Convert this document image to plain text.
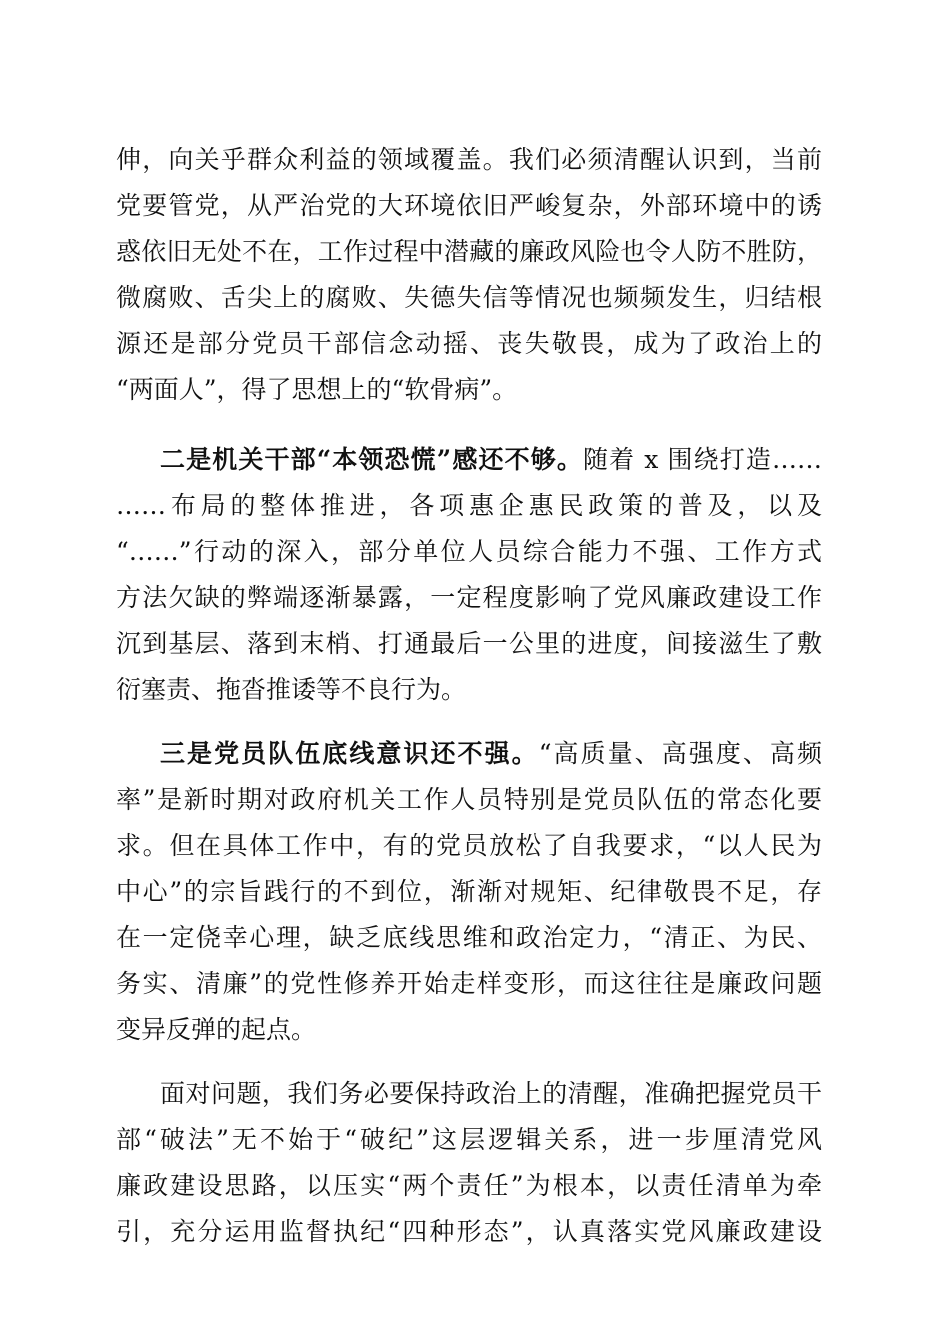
伸，向关乎群众利益的领域覆盖。我们必须清醒认识到，当前
党要管党，从严治党的大环境依旧严峻复杂，外部环境中的诱
惑依旧无处不在，工作过程中潜藏的廉政风险也令人防不胜防，
微腐败、舌尖上的腐败、失德失信等情况也频频发生，归结根
源还是部分党员干部信念动摇、丧失敬畏，成为了政治上的
“两面人”，得了思想上的“软骨病”。
二是机关干部“本领恐慌”感还不够。随着 x 围绕打造……
……布局的整体推进，各项惠企惠民政策的普及，以及
“……”行动的深入，部分单位人员综合能力不强、工作方式
方法欠缺的弊端逐渐暴露，一定程度影响了党风廉政建设工作
沉到基层、落到末梢、打通最后一公里的进度，间接滋生了敷
衍塞责、拖沓推诿等不良行为。
三是党员队伍底线意识还不强。“高质量、高强度、高频
率”是新时期对政府机关工作人员特别是党员队伍的常态化要
求。但在具体工作中，有的党员放松了自我要求，“以人民为
中心”的宗旨践行的不到位，渐渐对规矩、纪律敬畏不足，存
在一定侥幸心理，缺乏底线思维和政治定力，“清正、为民、
务实、清廉”的党性修养开始走样变形，而这往往是廉政问题
变异反弹的起点。
面对问题，我们务必要保持政治上的清醒，准确把握党员干
部“破法”无不始于“破纪”这层逻辑关系，进一步厘清党风
廉政建设思路，以压实“两个责任”为根本，以责任清单为牵
引，充分运用监督执纪“四种形态”，认真落实党风廉政建设
